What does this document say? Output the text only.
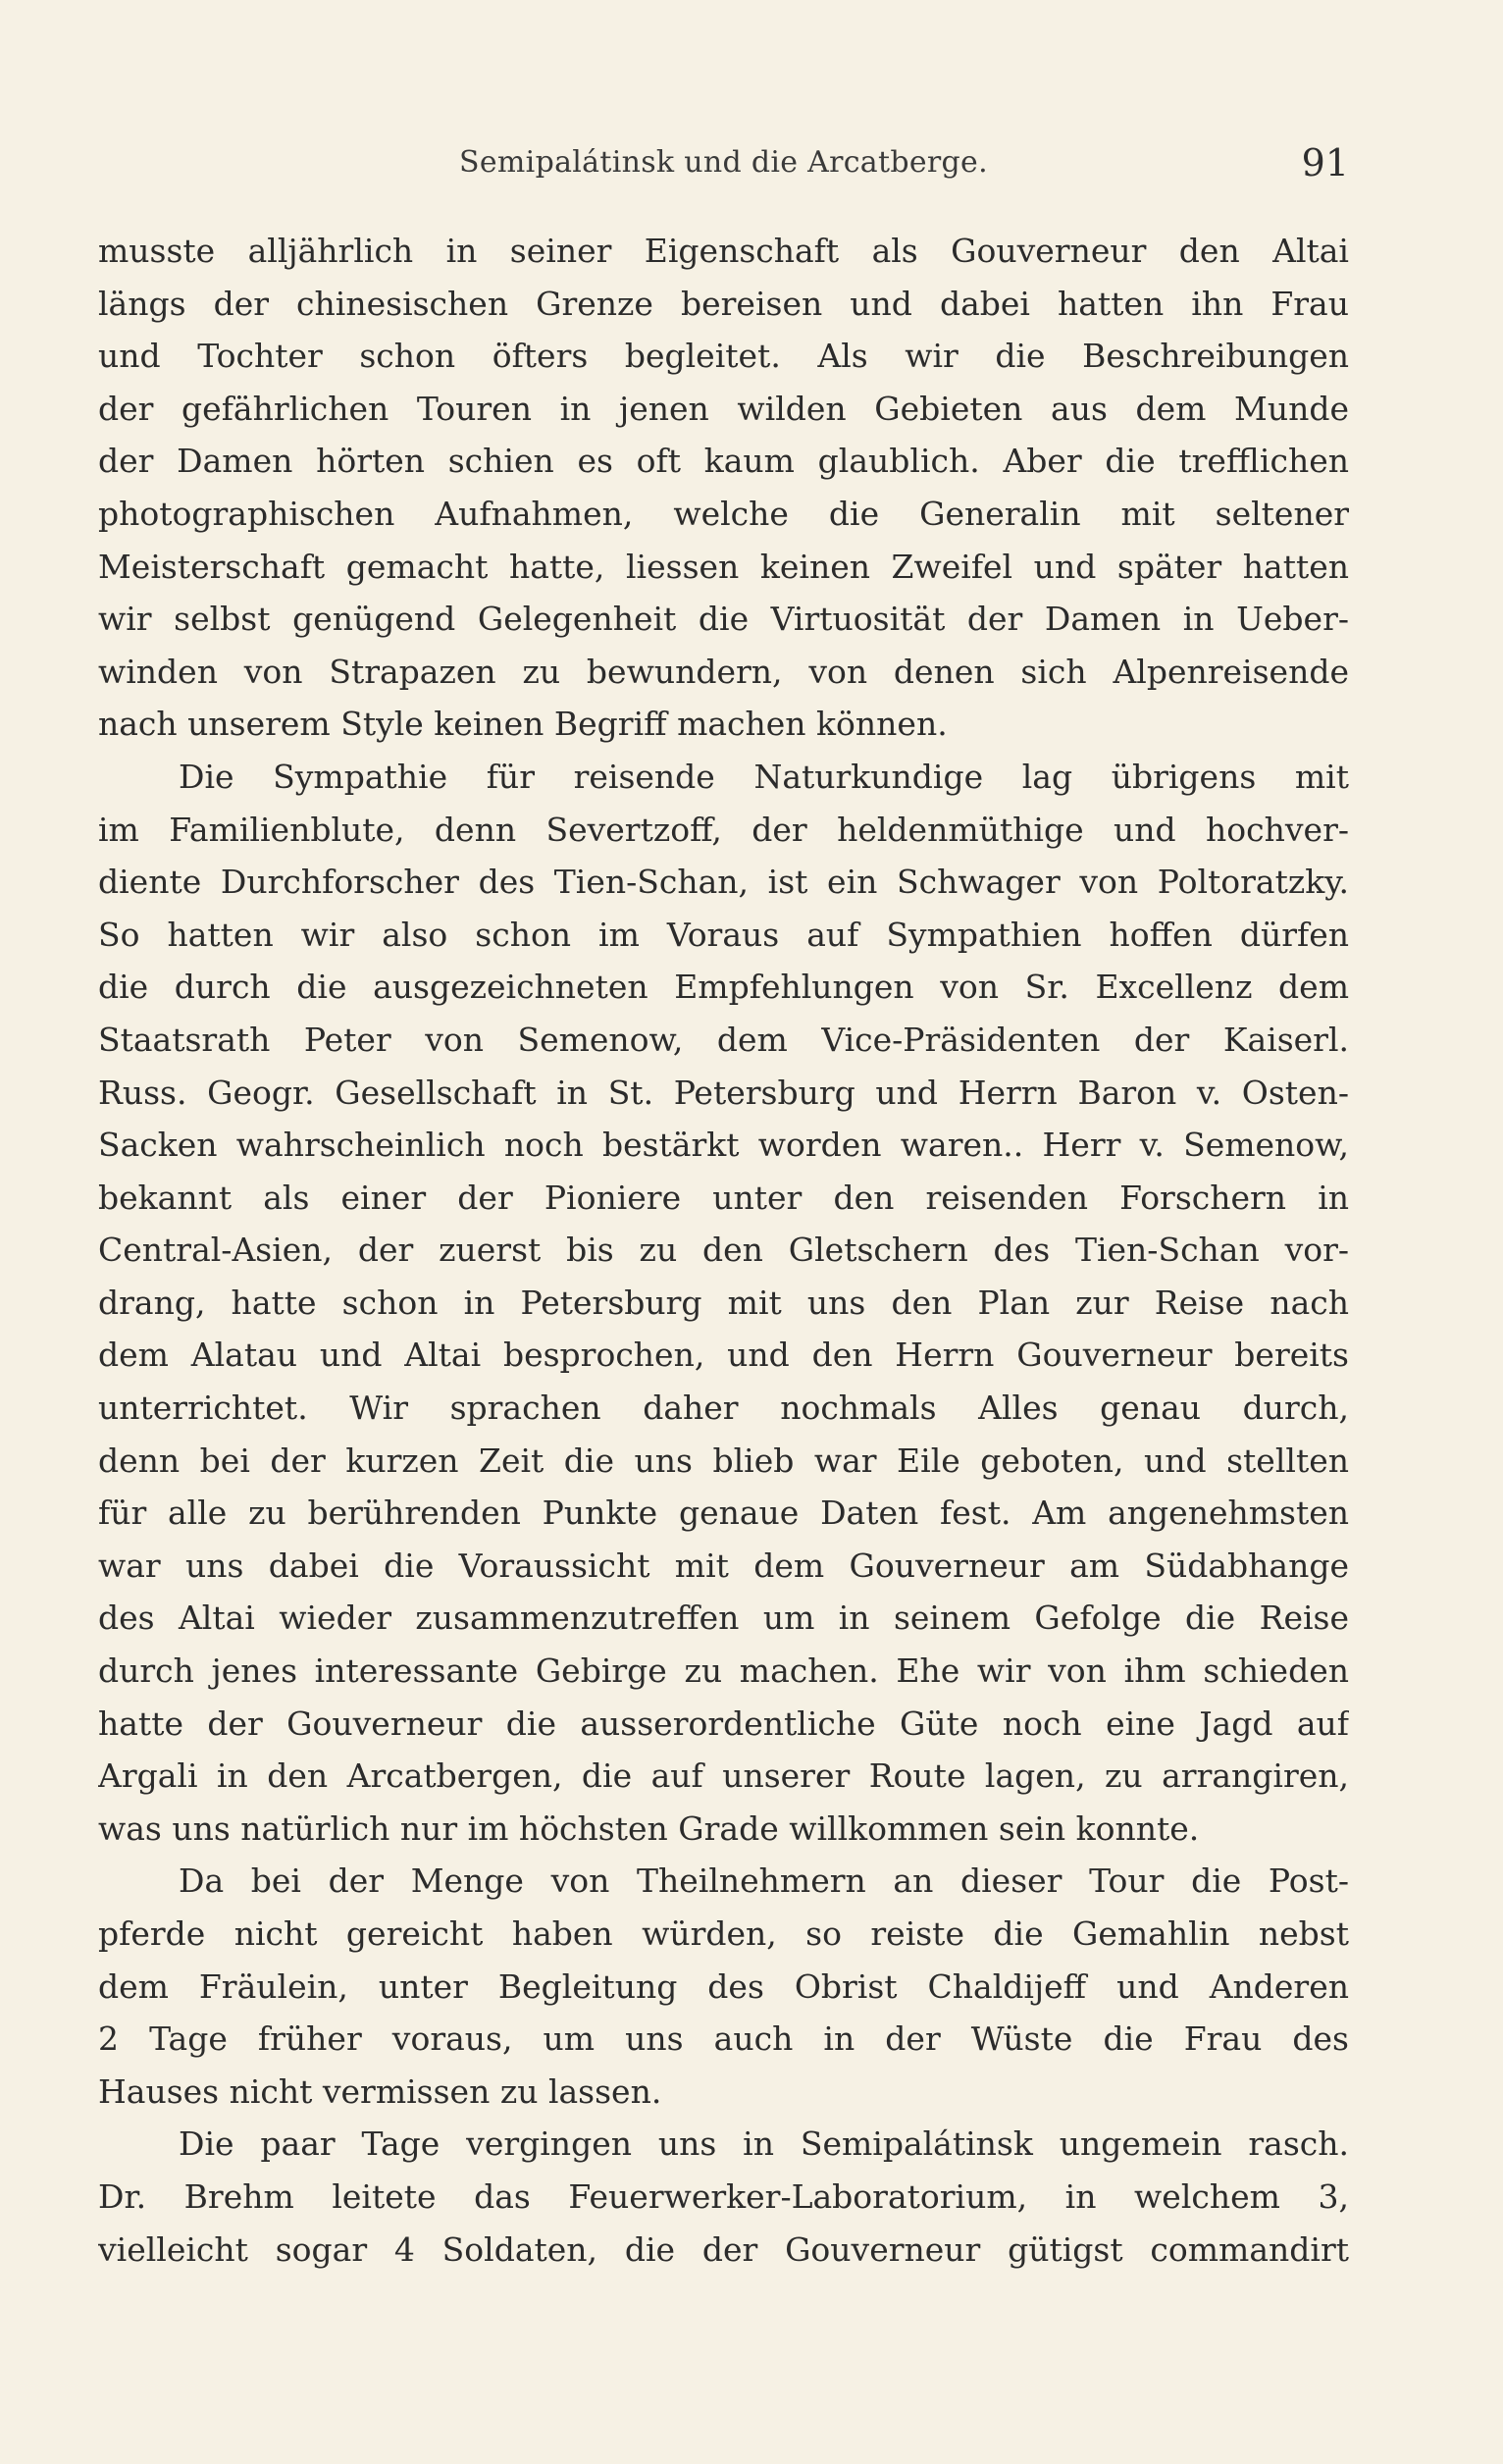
Semipalátinsk und die Arcatberge.	91
musste alljährlich in seiner Eigenschaft als Gouverneur den Altai
längs der chinesischen Grenze bereisen und dabei hatten ihn Frau
und Tochter schon öfters begleitet. Als wir die Beschreibungen
der gefährlichen Touren in jenen wilden Gebieten aus dem Munde
der Damen hörten schien es oft kaum glaublich. Aber die trefflichen
photographischen Aufnahmen, welche die Generalin mit seltener
Meisterschaft gemacht hatte, liessen keinen Zweifel und später hatten
wir selbst genügend Gelegenheit die Virtuosität der Damen in Ueber-
winden von Strapazen zu bewundern, von denen sich Alpenreisende
nach unserem Style keinen Begriff machen können.
Die Sympathie für reisende Naturkundige lag übrigens mit
im Familienblute, denn Severtzoff, der heldenmüthige und hochver-
diente Durchforscher des Tien-Schan, ist ein Schwager von Poltoratzky.
So hatten wir also schon im Voraus auf Sympathien hoffen dürfen
die durch die ausgezeichneten Empfehlungen von Sr. Excellenz dem
Staatsrath Peter von Semenow, dem Vice-Präsidenten der Kaiserl.
Russ. Geogr. Gesellschaft in St. Petersburg und Herrn Baron v. Osten-
Sacken wahrscheinlich noch bestärkt worden waren.. Herr v. Semenow,
bekannt als einer der Pioniere unter den reisenden Forschern in
Central-Asien, der zuerst bis zu den Gletschern des Tien-Schan vor-
drang, hatte schon in Petersburg mit uns den Plan zur Reise nach
dem Alatau und Altai besprochen, und den Herrn Gouverneur bereits
unterrichtet. Wir sprachen daher nochmals Alles genau durch,
denn bei der kurzen Zeit die uns blieb war Eile geboten, und stellten
für alle zu berührenden Punkte genaue Daten fest. Am angenehmsten
war uns dabei die Voraussicht mit dem Gouverneur am Südabhange
des Altai wieder zusammenzutreffen um in seinem Gefolge die Reise
durch jenes interessante Gebirge zu machen. Ehe wir von ihm schieden
hatte der Gouverneur die ausserordentliche Güte noch eine Jagd auf
Argali in den Arcatbergen, die auf unserer Route lagen, zu arrangiren,
was uns natürlich nur im höchsten Grade willkommen sein konnte.
Da bei der Menge von Theilnehmern an dieser Tour die Post-
pferde nicht gereicht haben würden, so reiste die Gemahlin nebst
dem Fräulein, unter Begleitung des Obrist Chaldijeff und Anderen
2 Tage früher voraus, um uns auch in der Wüste die Frau des
Hauses nicht vermissen zu lassen.
Die paar Tage vergingen uns in Semipalátinsk ungemein rasch.
Dr. Brehm leitete das Feuerwerker-Laboratorium, in welchem 3,
vielleicht sogar 4 Soldaten, die der Gouverneur gütigst commandirt
